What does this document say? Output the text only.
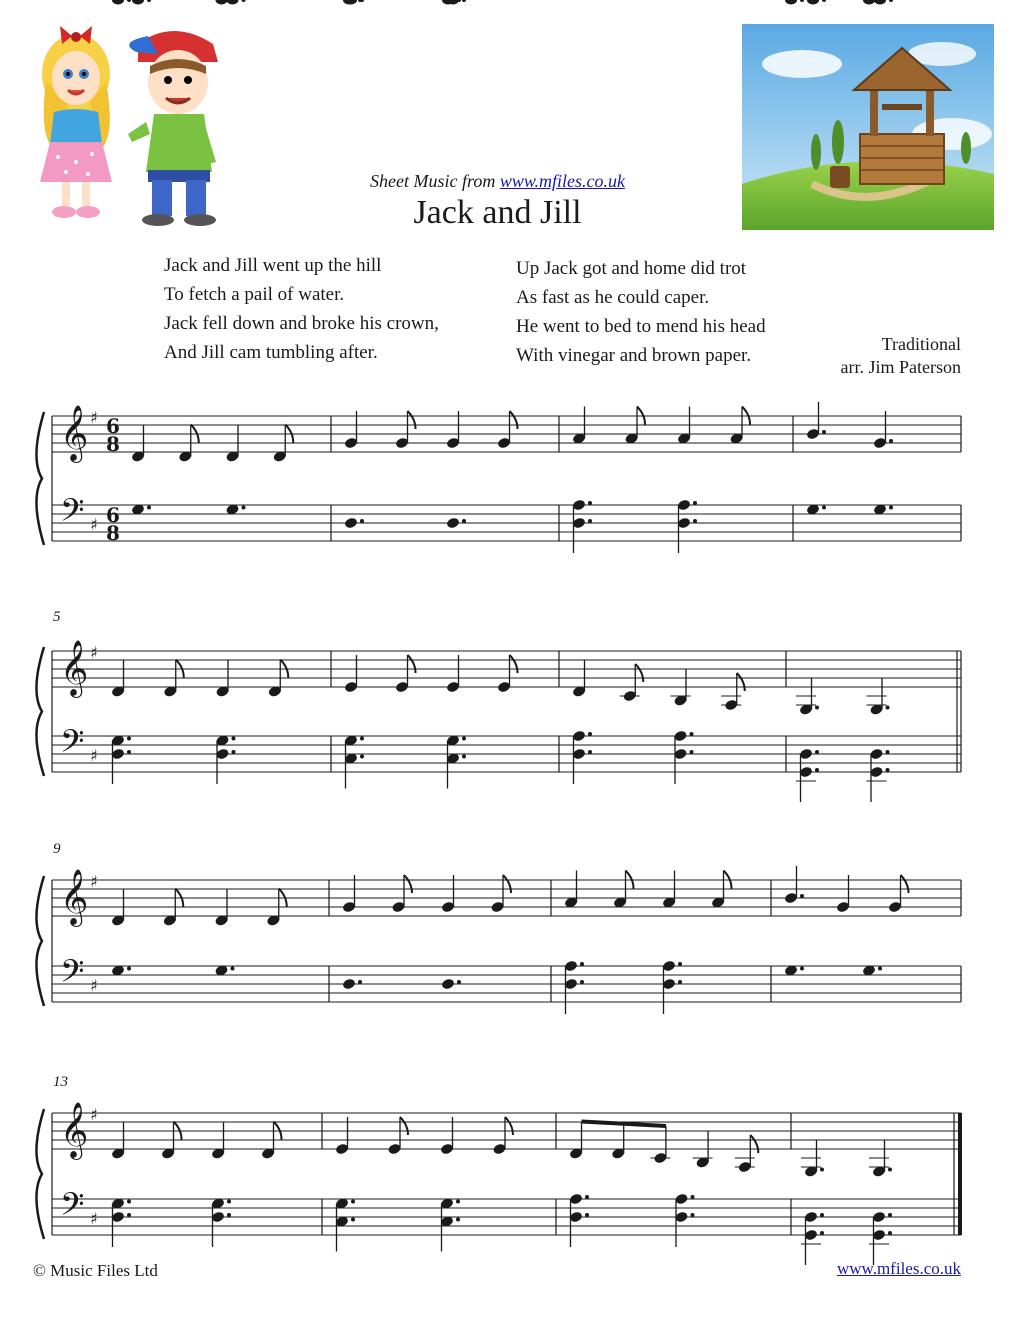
Sheet Music from www.mfiles.co.uk
Jack and Jill
Jack and Jill went up the hill
To fetch a pail of water.
Jack fell down and broke his crown,
And Jill cam tumbling after.
Up Jack got and home did trot
As fast as he could caper.
He went to bed to mend his head
With vinegar and brown paper.
Traditional
arr. Jim Paterson
𝄞
𝄢
♯
♯
6
8
6
8
𝄞
𝄢
♯
♯
𝄞
𝄢
♯
♯
𝄞
𝄢
♯
♯
5
9
13
© Music Files Ltd	www.mfiles.co.uk
